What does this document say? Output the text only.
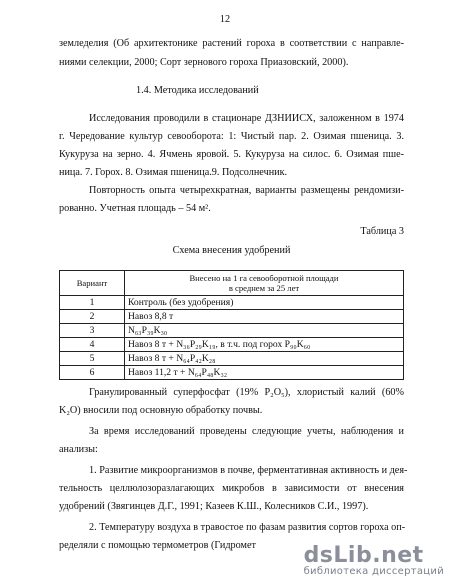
12
земледелия (Об архитектонике растений гороха в соответствии с направле-
ниями селекции, 2000; Сорт зернового гороха Приазовский, 2000).
1.4. Методика исследований
Исследования проводили в стационаре ДЗНИИСХ, заложенном в 1974
г. Чередование культур севооборота: 1: Чистый пар. 2. Озимая пшеница. 3.
Кукуруза на зерно. 4. Ячмень яровой. 5. Кукуруза на силос. 6. Озимая пше-
ница. 7. Горох. 8. Озимая пшеница.9. Подсолнечник.
Повторность опыта четырехкратная, варианты размещены рендомизи-
рованно. Учетная площадь – 54 м².
Таблица 3
Схема внесения удобрений
Вариант	Внесено на 1 га севооборотной площади
в среднем за 25 лет

1	Контроль (без удобрения)
2	Навоз 8,8 т
3	N₆₃P₃₉K₃₀
4	Навоз 8 т + N₃₆P₂₉K₁₉, в т.ч. под горох P₉₀K₆₀
5	Навоз 8 т + N₆₄P₄₂K₂₈
6	Навоз 11,2 т + N₆₄P₄₈K₃₂
Гранулированный суперфосфат (19% P₂O₅), хлористый калий (60%
K₂O) вносили под основную обработку почвы.
За время исследований проведены следующие учеты, наблюдения и
анализы:
1. Развитие микроорганизмов в почве, ферментативная активность и дея-
тельность целлюлозоразлагающих микробов в зависимости от внесения
удобрений (Звягинцев Д.Г., 1991; Казеев К.Ш., Колесников С.И., 1997).
2. Температуру воздуха в травостое по фазам развития сортов гороха оп-
ределяли с помощью термометров (Гидромет dsLib.net
библиотека диссертаций
